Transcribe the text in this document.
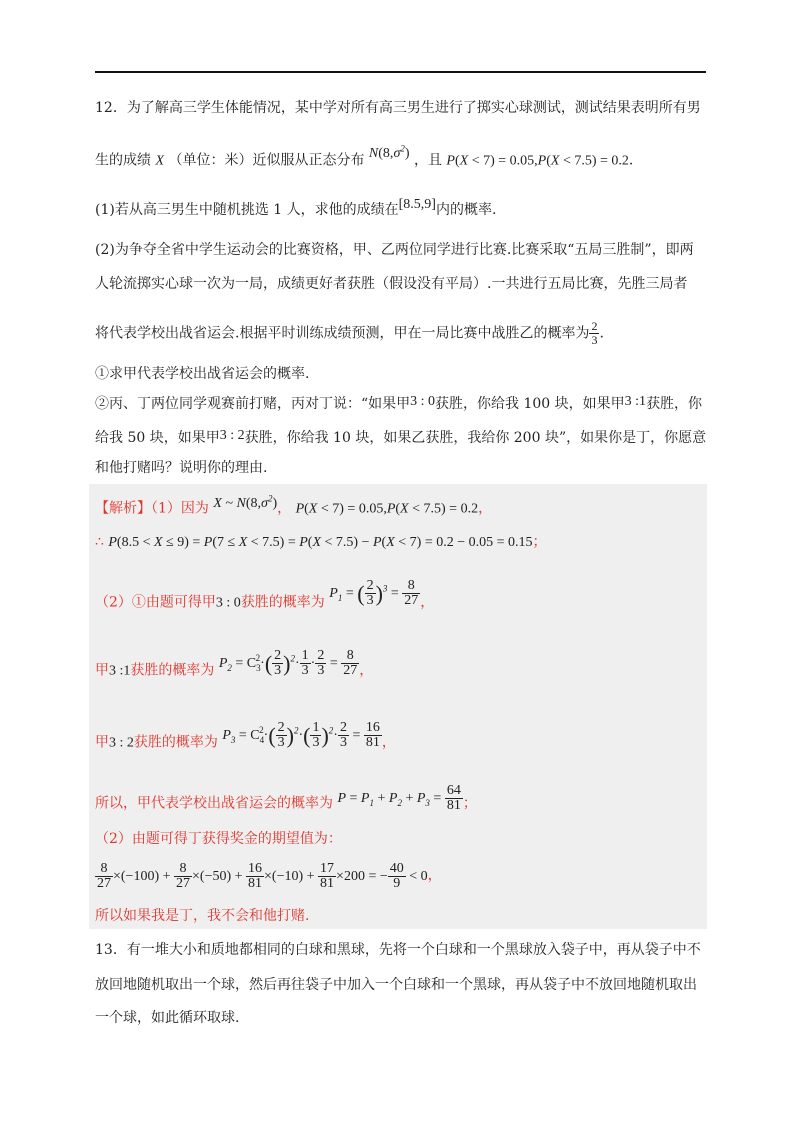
12．为了解高三学生体能情况，某中学对所有高三男生进行了掷实心球测试，测试结果表明所有男
生的成绩 X （单位：米）近似服从正态分布 $N(8,\sigma^2)$ ，且 P(X < 7) = 0.05,P(X < 7.5) = 0.2.
(1)若从高三男生中随机挑选 1 人，求他的成绩在[8.5,9]内的概率.
(2)为争夺全省中学生运动会的比赛资格，甲、乙两位同学进行比赛.比赛采取“五局三胜制”，即两
人轮流掷实心球一次为一局，成绩更好者获胜（假设没有平局）.一共进行五局比赛，先胜三局者
将代表学校出战省运会.根据平时训练成绩预测，甲在一局比赛中战胜乙的概率为 $\frac{2}{3}$ .
①求甲代表学校出战省运会的概率.
②丙、丁两位同学观赛前打赌，丙对丁说：“如果甲3 : 0获胜，你给我 100 块，如果甲3 :1获胜，你
给我 50 块，如果甲3 : 2获胜，你给我 10 块，如果乙获胜，我给你 200 块”，如果你是丁，你愿意
和他打赌吗？说明你的理由.
【解析】（1）因为 X ~ $N(8,\sigma^2)$， P(X < 7) = 0.05,P(X < 7.5) = 0.2，
∴ P(8.5 < X ≤ 9) = P(7 ≤ X < 7.5) = P(X < 7.5) − P(X < 7) = 0.2 − 0.05 = 0.15；
（2）①由题可得甲3 : 0获胜的概率为 $P_1$ = ( $\frac{2}{3} )^3 = \frac{8}{27}$ ，
甲3 :1获胜的概率为 $P_2 = C_3^2\cdot( \frac{2}{3} )^2\cdot \frac{1}{3} \cdot \frac{2}{3} = \frac{8}{27}$ ，
甲3 : 2获胜的概率为 $P_3 = C_4^2\cdot( \frac{2}{3} )^2\cdot( \frac{1}{3} )^2\cdot \frac{2}{3} = \frac{16}{81}$ ，
所以，甲代表学校出战省运会的概率为 $P = P_1 + P_2 + P_3 = \frac{64}{81}$ ；
（2）由题可得丁获得奖金的期望值为：
$\frac{8}{27} \times(-100) + \frac{8}{27} \times(-50) + \frac{16}{81} \times(-10) + \frac{17}{81} \times 200$ = − $\frac{40}{9} < 0$，
所以如果我是丁，我不会和他打赌.
13．有一堆大小和质地都相同的白球和黑球，先将一个白球和一个黑球放入袋子中，再从袋子中不
放回地随机取出一个球，然后再往袋子中加入一个白球和一个黑球，再从袋子中不放回地随机取出
一个球，如此循环取球.
